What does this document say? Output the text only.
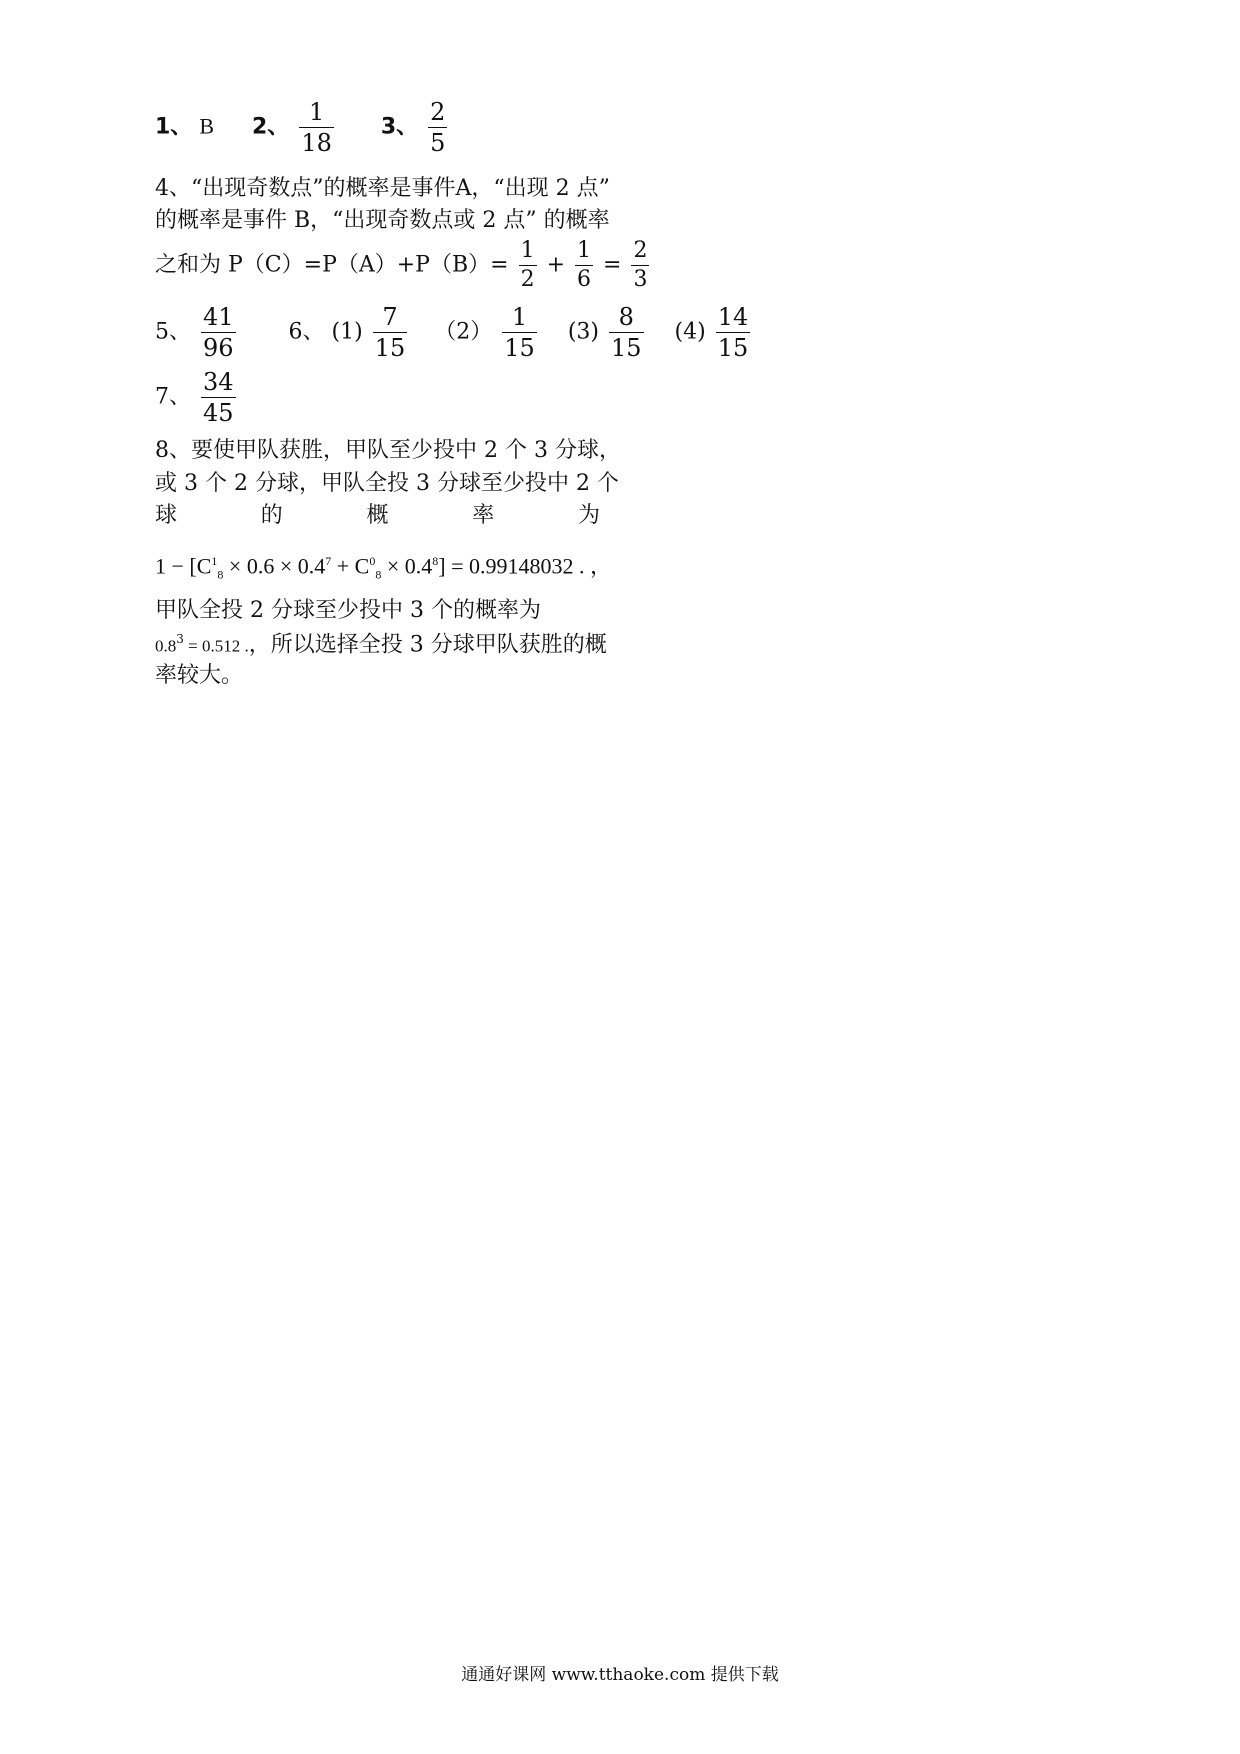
1、 B 2、 $\frac{1}{18} 3$、 $\frac{2}{5}$
4、“出现奇数点”的概率是事件A，“出现 2 点”
的概率是事件 B，“出现奇数点或 2 点” 的概率
之和为 $P(C)=P(A)+P(B)= \frac{1}{2} + \frac{1}{6} = \frac{2}{3}$
5、 $\frac{41}{96} 6$、 $(1) \frac{7}{15} (2) \frac{1}{15} (3) \frac{8}{15} (4) \frac{14}{15}$
7、 $\frac{34}{45}$
8、要使甲队获胜，甲队至少投中 2 个 3 分球，
或 3 个 2 分球，甲队全投 3 分球至少投中 2 个
球	的	概	率	为
$1 - [C^1_8 \times 0.6 \times 0.4^7 + C^0_8 \times 0.4^8] = 0.99148032$ . ，
甲队全投 2 分球至少投中 3 个的概率为
$0.8^3 = 0.512$ .，所以选择全投 3 分球甲队获胜的概
率较大。
通通好课网 www.tthaoke.com 提供下载
